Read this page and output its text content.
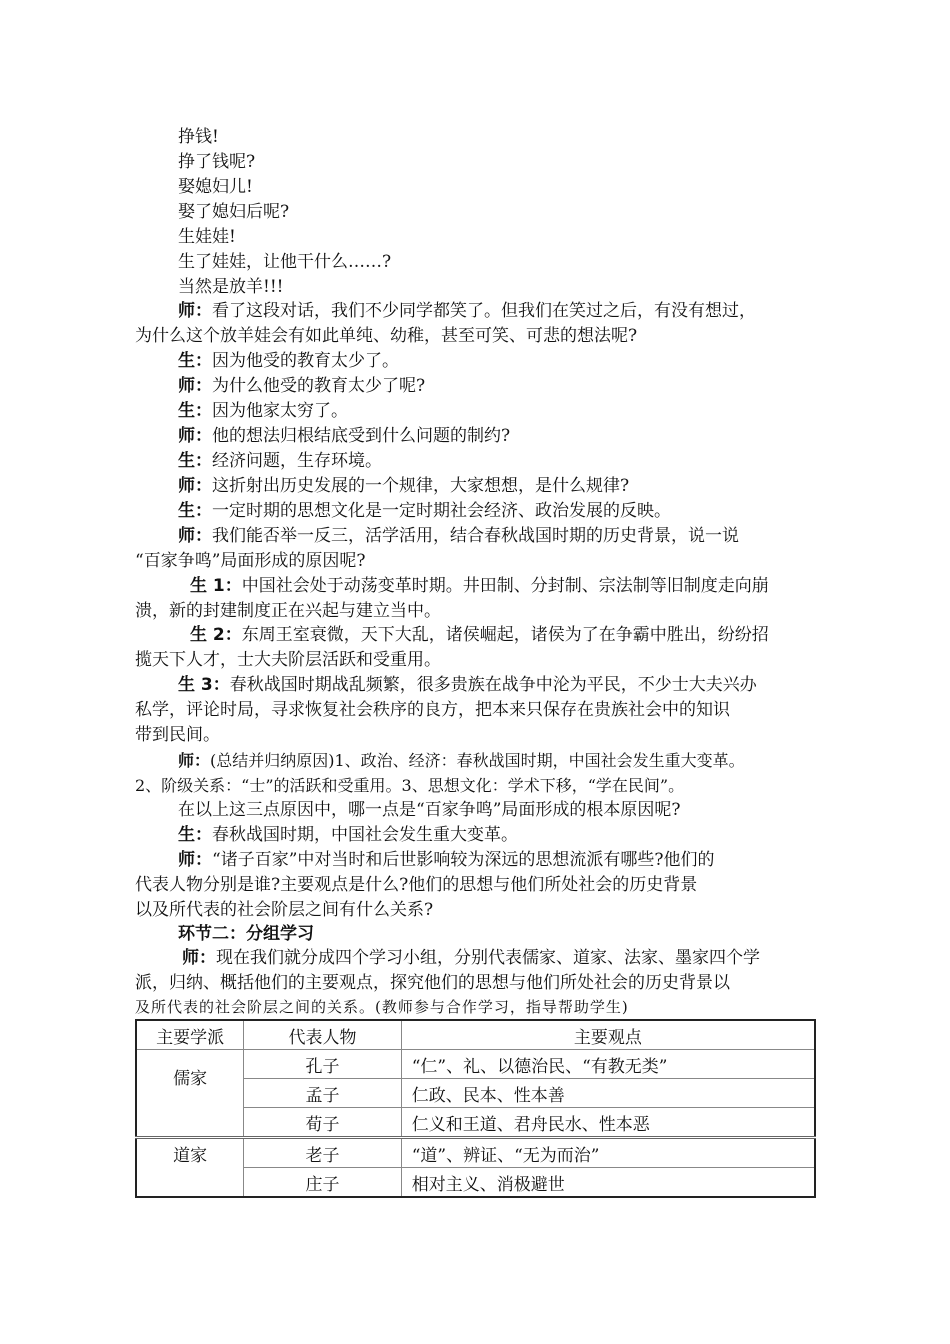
挣钱!
挣了钱呢?
娶媳妇儿!
娶了媳妇后呢?
生娃娃!
生了娃娃，让他干什么……?
当然是放羊!!!
师：看了这段对话，我们不少同学都笑了。但我们在笑过之后，有没有想过，
为什么这个放羊娃会有如此单纯、幼稚，甚至可笑、可悲的想法呢?
生：因为他受的教育太少了。
师：为什么他受的教育太少了呢?
生：因为他家太穷了。
师：他的想法归根结底受到什么问题的制约?
生：经济问题，生存环境。
师：这折射出历史发展的一个规律，大家想想，是什么规律?
生：一定时期的思想文化是一定时期社会经济、政治发展的反映。
师：我们能否举一反三，活学活用，结合春秋战国时期的历史背景，说一说
“百家争鸣”局面形成的原因呢?
生 1：中国社会处于动荡变革时期。井田制、分封制、宗法制等旧制度走向崩
溃，新的封建制度正在兴起与建立当中。
生 2：东周王室衰微，天下大乱，诸侯崛起，诸侯为了在争霸中胜出，纷纷招
揽天下人才，士大夫阶层活跃和受重用。
生 3：春秋战国时期战乱频繁，很多贵族在战争中沦为平民，不少士大夫兴办
私学，评论时局，寻求恢复社会秩序的良方，把本来只保存在贵族社会中的知识
带到民间。
师：(总结并归纳原因)1、政治、经济：春秋战国时期，中国社会发生重大变革。
2、阶级关系：“士”的活跃和受重用。3、思想文化：学术下移，“学在民间”。
在以上这三点原因中，哪一点是“百家争鸣”局面形成的根本原因呢?
生：春秋战国时期，中国社会发生重大变革。
师：“诸子百家”中对当时和后世影响较为深远的思想流派有哪些?他们的
代表人物分别是谁?主要观点是什么?他们的思想与他们所处社会的历史背景
以及所代表的社会阶层之间有什么关系?
环节二：分组学习
师：现在我们就分成四个学习小组，分别代表儒家、道家、法家、墨家四个学
派，归纳、概括他们的主要观点，探究他们的思想与他们所处社会的历史背景以
及所代表的社会阶层之间的关系。(教师参与合作学习，指导帮助学生)
主要学派	代表人物	主要观点
儒家	孔子	“仁”、礼、以德治民、“有教无类”
	孟子	仁政、民本、性本善
	荀子	仁义和王道、君舟民水、性本恶
道家	老子	“道”、辨证、“无为而治”
	庄子	相对主义、消极避世
